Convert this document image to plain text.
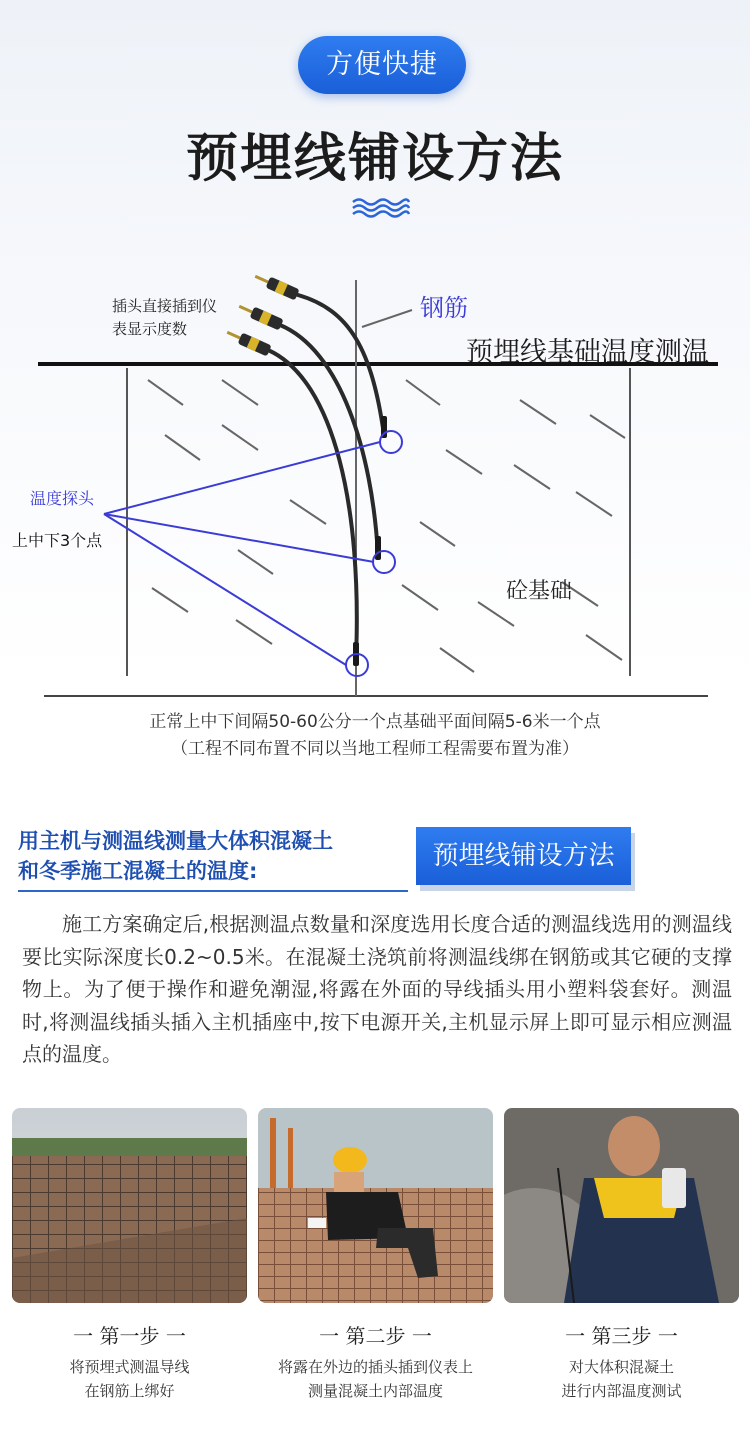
方便快捷
预埋线铺设方法
插头直接插到仪
表显示度数
钢筋
预埋线基础温度测温
温度探头
上中下3个点
砼基础
正常上中下间隔50-60公分一个点基础平面间隔5-6米一个点
（工程不同布置不同以当地工程师工程需要布置为准）
用主机与测温线测量大体积混凝土
和冬季施工混凝土的温度:	预埋线铺设方法
施工方案确定后,根据测温点数量和深度选用长度合适的测温线选用的测温线要比实际深度长0.2~0.5米。在混凝土浇筑前将测温线绑在钢筋或其它硬的支撑物上。为了便于操作和避免潮湿,将露在外面的导线插头用小塑料袋套好。测温时,将测温线插头插入主机插座中,按下电源开关,主机显示屏上即可显示相应测温点的温度。
一 第一步 一	一 第二步 一	一 第三步 一
将预埋式测温导线
在钢筋上绑好
将露在外边的插头插到仪表上
测量混凝土内部温度
对大体积混凝土
进行内部温度测试
